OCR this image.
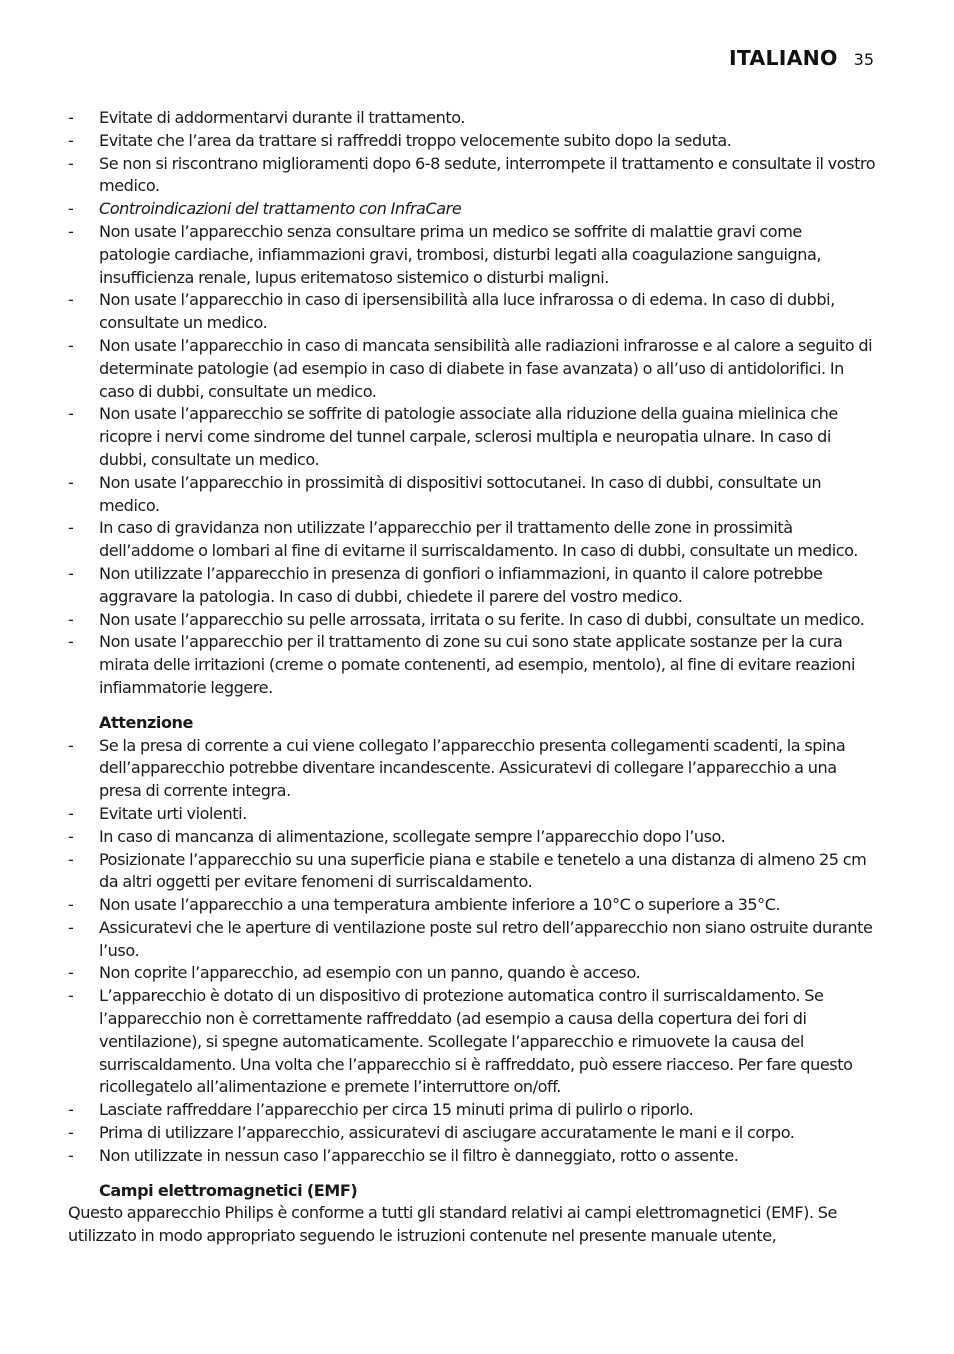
ITALIANO 35
- Evitate di addormentarvi durante il trattamento.
- Evitate che l’area da trattare si raffreddi troppo velocemente subito dopo la seduta.
- Se non si riscontrano miglioramenti dopo 6-8 sedute, interrompete il trattamento e consultate il vostro medico.
- Controindicazioni del trattamento con InfraCare
- Non usate l’apparecchio senza consultare prima un medico se soffrite di malattie gravi come patologie cardiache, infiammazioni gravi, trombosi, disturbi legati alla coagulazione sanguigna, insufficienza renale, lupus eritematoso sistemico o disturbi maligni.
- Non usate l’apparecchio in caso di ipersensibilità alla luce infrarossa o di edema. In caso di dubbi, consultate un medico.
- Non usate l’apparecchio in caso di mancata sensibilità alle radiazioni infrarosse e al calore a seguito di determinate patologie (ad esempio in caso di diabete in fase avanzata) o all’uso di antidolorifici. In caso di dubbi, consultate un medico.
- Non usate l’apparecchio se soffrite di patologie associate alla riduzione della guaina mielinica che ricopre i nervi come sindrome del tunnel carpale, sclerosi multipla e neuropatia ulnare. In caso di dubbi, consultate un medico.
- Non usate l’apparecchio in prossimità di dispositivi sottocutanei. In caso di dubbi, consultate un medico.
- In caso di gravidanza non utilizzate l’apparecchio per il trattamento delle zone in prossimità dell’addome o lombari al fine di evitarne il surriscaldamento. In caso di dubbi, consultate un medico.
- Non utilizzate l’apparecchio in presenza di gonfiori o infiammazioni, in quanto il calore potrebbe aggravare la patologia. In caso di dubbi, chiedete il parere del vostro medico.
- Non usate l’apparecchio su pelle arrossata, irritata o su ferite. In caso di dubbi, consultate un medico.
- Non usate l’apparecchio per il trattamento di zone su cui sono state applicate sostanze per la cura mirata delle irritazioni (creme o pomate contenenti, ad esempio, mentolo), al fine di evitare reazioni infiammatorie leggere.
Attenzione
- Se la presa di corrente a cui viene collegato l’apparecchio presenta collegamenti scadenti, la spina dell’apparecchio potrebbe diventare incandescente. Assicuratevi di collegare l’apparecchio a una presa di corrente integra.
- Evitate urti violenti.
- In caso di mancanza di alimentazione, scollegate sempre l’apparecchio dopo l’uso.
- Posizionate l’apparecchio su una superficie piana e stabile e tenetelo a una distanza di almeno 25 cm da altri oggetti per evitare fenomeni di surriscaldamento.
- Non usate l’apparecchio a una temperatura ambiente inferiore a 10°C o superiore a 35°C.
- Assicuratevi che le aperture di ventilazione poste sul retro dell’apparecchio non siano ostruite durante l’uso.
- Non coprite l’apparecchio, ad esempio con un panno, quando è acceso.
- L’apparecchio è dotato di un dispositivo di protezione automatica contro il surriscaldamento. Se l’apparecchio non è correttamente raffreddato (ad esempio a causa della copertura dei fori di ventilazione), si spegne automaticamente. Scollegate l’apparecchio e rimuovete la causa del surriscaldamento. Una volta che l’apparecchio si è raffreddato, può essere riacceso. Per fare questo ricollegatelo all’alimentazione e premete l’interruttore on/off.
- Lasciate raffreddare l’apparecchio per circa 15 minuti prima di pulirlo o riporlo.
- Prima di utilizzare l’apparecchio, assicuratevi di asciugare accuratamente le mani e il corpo.
- Non utilizzate in nessun caso l’apparecchio se il filtro è danneggiato, rotto o assente.
Campi elettromagnetici (EMF)

Questo apparecchio Philips è conforme a tutti gli standard relativi ai campi elettromagnetici (EMF). Se utilizzato in modo appropriato seguendo le istruzioni contenute nel presente manuale utente,
